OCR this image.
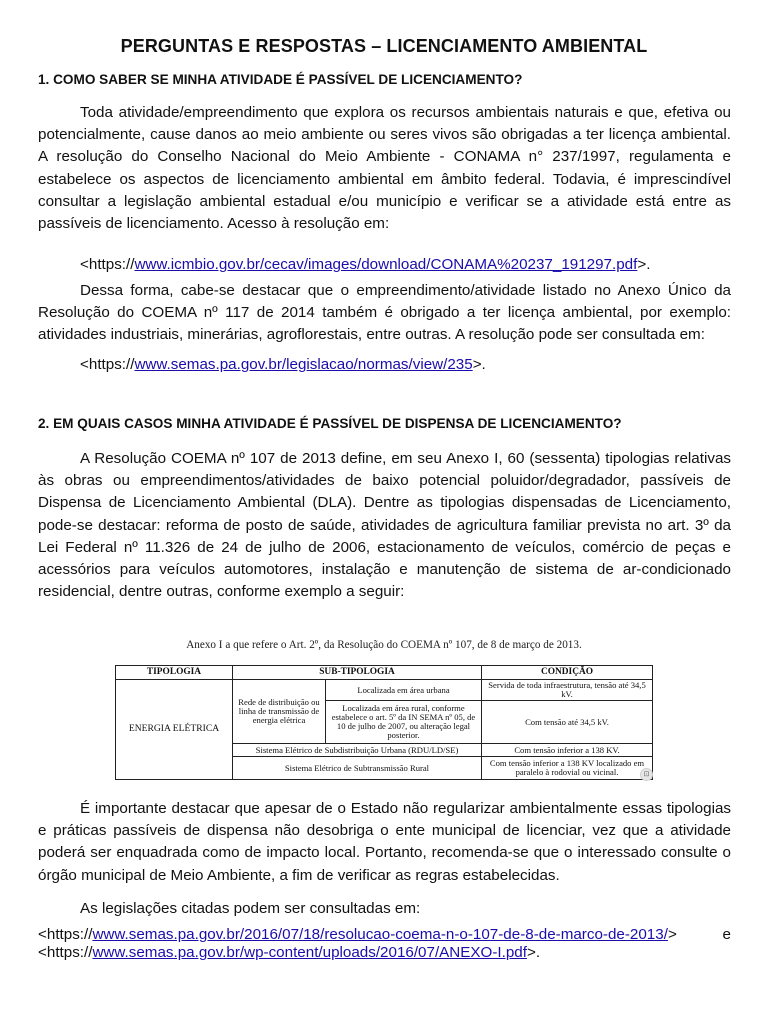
PERGUNTAS E RESPOSTAS – LICENCIAMENTO AMBIENTAL
1. COMO SABER SE MINHA ATIVIDADE É PASSÍVEL DE LICENCIAMENTO?

Toda atividade/empreendimento que explora os recursos ambientais naturais e que, efetiva ou potencialmente, cause danos ao meio ambiente ou seres vivos são obrigadas a ter licença ambiental. A resolução do Conselho Nacional do Meio Ambiente - CONAMA n° 237/1997, regulamenta e estabelece os aspectos de licenciamento ambiental em âmbito federal. Todavia, é imprescindível consultar a legislação ambiental estadual e/ou município e verificar se a atividade está entre as passíveis de licenciamento. Acesso à resolução em:

<https://www.icmbio.gov.br/cecav/images/download/CONAMA%20237_191297.pdf>.

Dessa forma, cabe-se destacar que o empreendimento/atividade listado no Anexo Único da Resolução do COEMA nº 117 de 2014 também é obrigado a ter licença ambiental, por exemplo: atividades industriais, minerárias, agroflorestais, entre outras. A resolução pode ser consultada em:

<https://www.semas.pa.gov.br/legislacao/normas/view/235>.
2. EM QUAIS CASOS MINHA ATIVIDADE É PASSÍVEL DE DISPENSA DE LICENCIAMENTO?

A Resolução COEMA nº 107 de 2013 define, em seu Anexo I, 60 (sessenta) tipologias relativas às obras ou empreendimentos/atividades de baixo potencial poluidor/degradador, passíveis de Dispensa de Licenciamento Ambiental (DLA). Dentre as tipologias dispensadas de Licenciamento, pode-se destacar: reforma de posto de saúde, atividades de agricultura familiar prevista no art. 3º da Lei Federal nº 11.326 de 24 de julho de 2006, estacionamento de veículos, comércio de peças e acessórios para veículos automotores, instalação e manutenção de sistema de ar-condicionado residencial, dentre outras, conforme exemplo a seguir:

Anexo I a que refere o Art. 2º, da Resolução do COEMA nº 107, de 8 de março de 2013.
TIPOLOGIA	SUB-TIPOLOGIA		CONDIÇÃO
ENERGIA ELÉTRICA	Rede de distribuição ou linha de transmissão de energia elétrica	Localizada em área urbana	Servida de toda infraestrutura, tensão até 34,5 kV.
		Localizada em área rural, conforme estabelece o art. 5º da IN SEMA nº 05, de 10 de julho de 2007, ou alteração legal posterior.	Com tensão até 34,5 kV.
	Sistema Elétrico de Subdistribuição Urbana (RDU/LD/SE)		Com tensão inferior a 138 KV.
	Sistema Elétrico de Subtransmissão Rural		Com tensão inferior a 138 KV localizado em paralelo à rodovial ou vicinal.	⊡

É importante destacar que apesar de o Estado não regularizar ambientalmente essas tipologias e práticas passíveis de dispensa não desobriga o ente municipal de licenciar, vez que a atividade poderá ser enquadrada como de impacto local. Portanto, recomenda-se que o interessado consulte o órgão municipal de Meio Ambiente, a fim de verificar as regras estabelecidas.

As legislações citadas podem ser consultadas em:

<https://www.semas.pa.gov.br/2016/07/18/resolucao-coema-n-o-107-de-8-de-marco-de-2013/>	e
<https://www.semas.pa.gov.br/wp-content/uploads/2016/07/ANEXO-I.pdf>.
